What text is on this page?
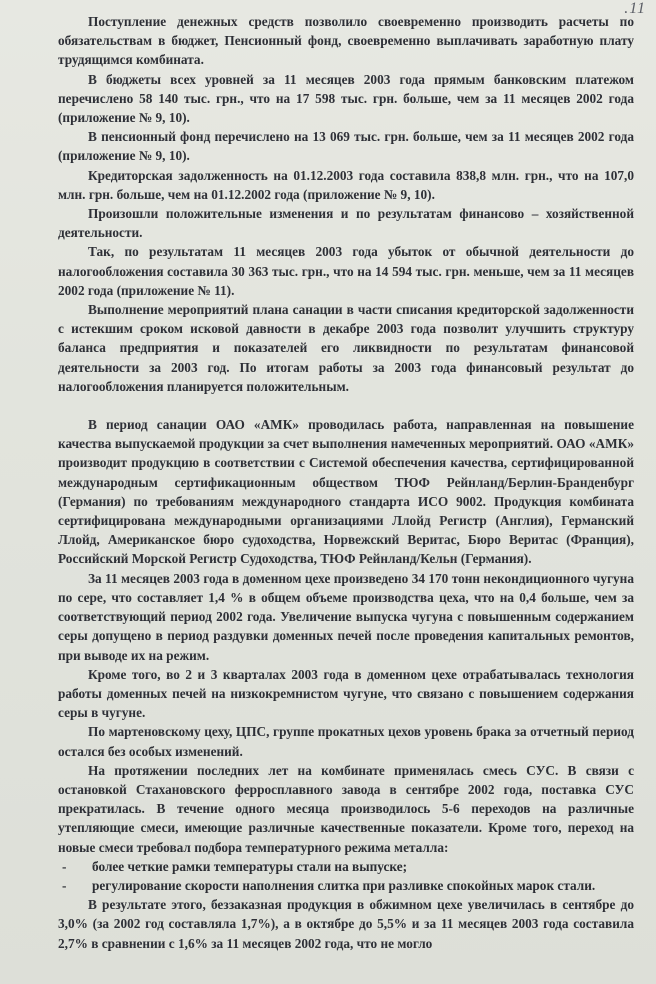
.11

Поступление денежных средств позволило своевременно производить расчеты по обязательствам в бюджет, Пенсионный фонд, своевременно выплачивать заработную плату трудящимся комбината.

В бюджеты всех уровней за 11 месяцев 2003 года прямым банковским платежом перечислено 58 140 тыс. грн., что на 17 598 тыс. грн. больше, чем за 11 месяцев 2002 года (приложение № 9, 10).

В пенсионный фонд перечислено на 13 069 тыс. грн. больше, чем за 11 месяцев 2002 года (приложение № 9, 10).

Кредиторская задолженность на 01.12.2003 года составила 838,8 млн. грн., что на 107,0 млн. грн. больше, чем на 01.12.2002 года (приложение № 9, 10).

Произошли положительные изменения и по результатам финансово – хозяйственной деятельности.

Так, по результатам 11 месяцев 2003 года убыток от обычной деятельности до налогообложения составила 30 363 тыс. грн., что на 14 594 тыс. грн. меньше, чем за 11 месяцев 2002 года (приложение № 11).

Выполнение мероприятий плана санации в части списания кредиторской задолженности с истекшим сроком исковой давности в декабре 2003 года позволит улучшить структуру баланса предприятия и показателей его ликвидности по результатам финансовой деятельности за 2003 год. По итогам работы за 2003 года финансовый результат до налогообложения планируется положительным.

В период санации ОАО «АМК» проводилась работа, направленная на повышение качества выпускаемой продукции за счет выполнения намеченных мероприятий. ОАО «АМК» производит продукцию в соответствии с Системой обеспечения качества, сертифицированной международным сертификационным обществом ТЮФ Рейнланд/Берлин-Бранденбург (Германия) по требованиям международного стандарта ИСО 9002. Продукция комбината сертифицирована международными организациями Ллойд Регистр (Англия), Германский Ллойд, Американское бюро судоходства, Норвежский Веритас, Бюро Веритас (Франция), Российский Морской Регистр Судоходства, ТЮФ Рейнланд/Кельн (Германия).

За 11 месяцев 2003 года в доменном цехе произведено 34 170 тонн некондиционного чугуна по сере, что составляет 1,4 % в общем объеме производства цеха, что на 0,4 больше, чем за соответствующий период 2002 года. Увеличение выпуска чугуна с повышенным содержанием серы допущено в период раздувки доменных печей после проведения капитальных ремонтов, при выводе их на режим.

Кроме того, во 2 и 3 кварталах 2003 года в доменном цехе отрабатывалась технология работы доменных печей на низкокремнистом чугуне, что связано с повышением содержания серы в чугуне.

По мартеновскому цеху, ЦПС, группе прокатных цехов уровень брака за отчетный период остался без особых изменений.

На протяжении последних лет на комбинате применялась смесь СУС. В связи с остановкой Стахановского ферросплавного завода в сентябре 2002 года, поставка СУС прекратилась. В течение одного месяца производилось 5-6 переходов на различные утепляющие смеси, имеющие различные качественные показатели. Кроме того, переход на новые смеси требовал подбора температурного режима металла:

- более четкие рамки температуры стали на выпуске;
- регулирование скорости наполнения слитка при разливке спокойных марок стали.

В результате этого, беззаказная продукция в обжимном цехе увеличилась в сентябре до 3,0% (за 2002 год составляла 1,7%), а в октябре до 5,5% и за 11 месяцев 2003 года составила 2,7% в сравнении с 1,6% за 11 месяцев 2002 года, что не могло
